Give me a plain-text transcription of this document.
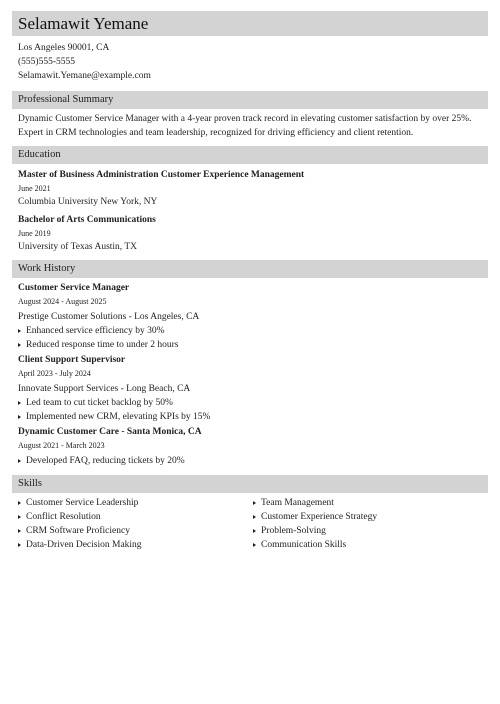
Selamawit Yemane
Los Angeles 90001, CA
(555)555-5555
Selamawit.Yemane@example.com
Professional Summary
Dynamic Customer Service Manager with a 4-year proven track record in elevating customer satisfaction by over 25%. Expert in CRM technologies and team leadership, recognized for driving efficiency and client retention.
Education
Master of Business Administration Customer Experience Management
June 2021
Columbia University New York, NY
Bachelor of Arts Communications
June 2019
University of Texas Austin, TX
Work History
Customer Service Manager
August 2024 - August 2025
Prestige Customer Solutions - Los Angeles, CA
Enhanced service efficiency by 30%
Reduced response time to under 2 hours
Client Support Supervisor
April 2023 - July 2024
Innovate Support Services - Long Beach, CA
Led team to cut ticket backlog by 50%
Implemented new CRM, elevating KPIs by 15%
Dynamic Customer Care - Santa Monica, CA
August 2021 - March 2023
Developed FAQ, reducing tickets by 20%
Skills
Customer Service Leadership
Conflict Resolution
CRM Software Proficiency
Data-Driven Decision Making
Team Management
Customer Experience Strategy
Problem-Solving
Communication Skills
